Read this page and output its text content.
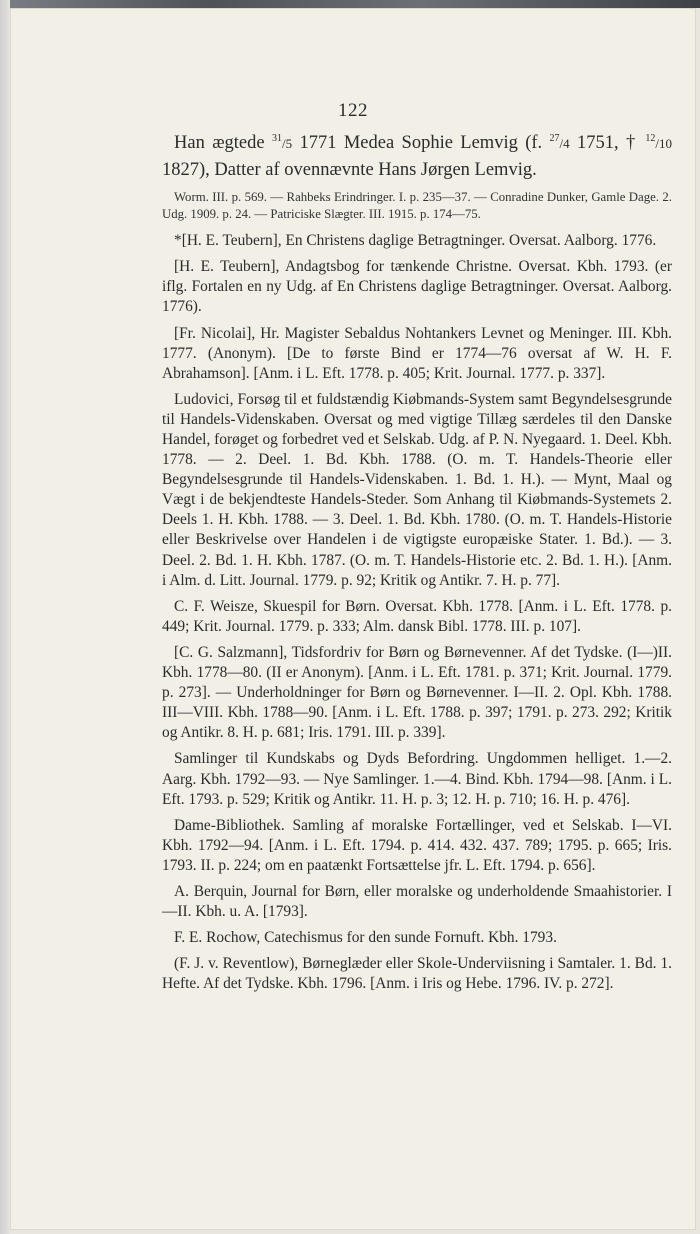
122

Han ægtede $^{31}$/5 1771 Medea Sophie Lemvig (f. $^{27}$/4 1751, † $^{12}$/10 1827), Datter af ovennævnte Hans Jørgen Lemvig.

Worm. III. p. 569. — Rahbeks Erindringer. I. p. 235—37. — Conradine Dunker, Gamle Dage. 2. Udg. 1909. p. 24. — Patriciske Slægter. III. 1915. p. 174—75.

*[H. E. Teubern], En Christens daglige Betragtninger. Oversat. Aalborg. 1776.

[H. E. Teubern], Andagtsbog for tænkende Christne. Oversat. Kbh. 1793. (er iflg. Fortalen en ny Udg. af En Christens daglige Betragtninger. Oversat. Aalborg. 1776).

[Fr. Nicolai], Hr. Magister Sebaldus Nohtankers Levnet og Meninger. III. Kbh. 1777. (Anonym). [De to første Bind er 1774—76 oversat af W. H. F. Abrahamson]. [Anm. i L. Eft. 1778. p. 405; Krit. Journal. 1777. p. 337].

Ludovici, Forsøg til et fuldstændig Kiøbmands-System samt Begyndelsesgrunde til Handels-Videnskaben. Oversat og med vigtige Tillæg særdeles til den Danske Handel, forøget og forbedret ved et Selskab. Udg. af P. N. Nyegaard. 1. Deel. Kbh. 1778. — 2. Deel. 1. Bd. Kbh. 1788. (O. m. T. Handels-Theorie eller Begyndelsesgrunde til Handels-Videnskaben. 1. Bd. 1. H.). — Mynt, Maal og Vægt i de bekjendteste Handels-Steder. Som Anhang til Kiøbmands-Systemets 2. Deels 1. H. Kbh. 1788. — 3. Deel. 1. Bd. Kbh. 1780. (O. m. T. Handels-Historie eller Beskrivelse over Handelen i de vigtigste europæiske Stater. 1. Bd.). — 3. Deel. 2. Bd. 1. H. Kbh. 1787. (O. m. T. Handels-Historie etc. 2. Bd. 1. H.). [Anm. i Alm. d. Litt. Journal. 1779. p. 92; Kritik og Antikr. 7. H. p. 77].

C. F. Weisze, Skuespil for Børn. Oversat. Kbh. 1778. [Anm. i L. Eft. 1778. p. 449; Krit. Journal. 1779. p. 333; Alm. dansk Bibl. 1778. III. p. 107].

[C. G. Salzmann], Tidsfordriv for Børn og Børnevenner. Af det Tydske. (I—)II. Kbh. 1778—80. (II er Anonym). [Anm. i L. Eft. 1781. p. 371; Krit. Journal. 1779. p. 273]. — Underholdninger for Børn og Børnevenner. I—II. 2. Opl. Kbh. 1788. III—VIII. Kbh. 1788—90. [Anm. i L. Eft. 1788. p. 397; 1791. p. 273. 292; Kritik og Antikr. 8. H. p. 681; Iris. 1791. III. p. 339].

Samlinger til Kundskabs og Dyds Befordring. Ungdommen helliget. 1.—2. Aarg. Kbh. 1792—93. — Nye Samlinger. 1.—4. Bind. Kbh. 1794—98. [Anm. i L. Eft. 1793. p. 529; Kritik og Antikr. 11. H. p. 3; 12. H. p. 710; 16. H. p. 476].

Dame-Bibliothek. Samling af moralske Fortællinger, ved et Selskab. I—VI. Kbh. 1792—94. [Anm. i L. Eft. 1794. p. 414. 432. 437. 789; 1795. p. 665; Iris. 1793. II. p. 224; om en paatænkt Fortsættelse jfr. L. Eft. 1794. p. 656].

A. Berquin, Journal for Børn, eller moralske og underholdende Smaahistorier. I—II. Kbh. u. A. [1793].

F. E. Rochow, Catechismus for den sunde Fornuft. Kbh. 1793.

(F. J. v. Reventlow), Børneglæder eller Skole-Underviisning i Samtaler. 1. Bd. 1. Hefte. Af det Tydske. Kbh. 1796. [Anm. i Iris og Hebe. 1796. IV. p. 272].
